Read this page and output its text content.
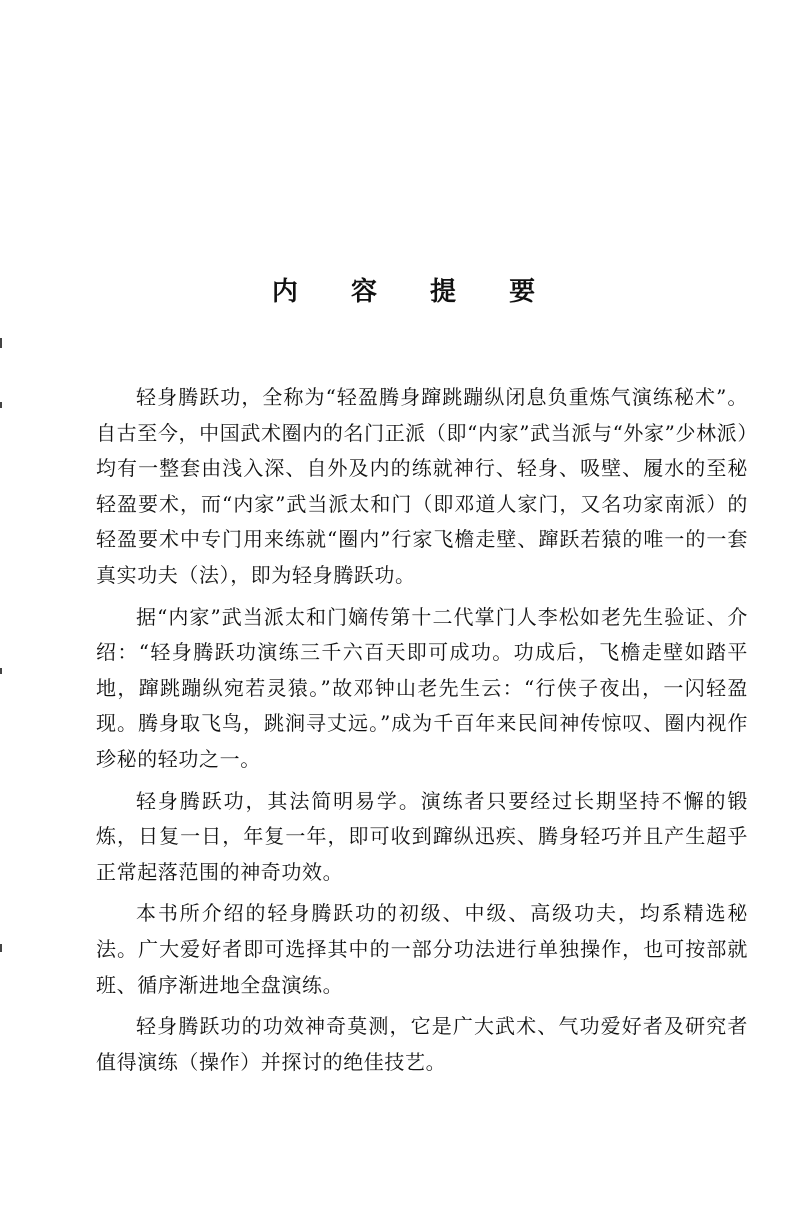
内 容 提 要

轻身腾跃功，全称为“轻盈腾身蹿跳蹦纵闭息负重炼气演练秘术”。自古至今，中国武术圈内的名门正派（即“内家”武当派与“外家”少林派）均有一整套由浅入深、自外及内的练就神行、轻身、吸壁、履水的至秘轻盈要术，而“内家”武当派太和门（即邓道人家门，又名功家南派）的轻盈要术中专门用来练就“圈内”行家飞檐走壁、蹿跃若猿的唯一的一套真实功夫（法），即为轻身腾跃功。

据“内家”武当派太和门嫡传第十二代掌门人李松如老先生验证、介绍：“轻身腾跃功演练三千六百天即可成功。功成后，飞檐走壁如踏平地，蹿跳蹦纵宛若灵猿。”故邓钟山老先生云：“行侠子夜出，一闪轻盈现。腾身取飞鸟，跳涧寻丈远。”成为千百年来民间神传惊叹、圈内视作珍秘的轻功之一。

轻身腾跃功，其法简明易学。演练者只要经过长期坚持不懈的锻炼，日复一日，年复一年，即可收到蹿纵迅疾、腾身轻巧并且产生超乎正常起落范围的神奇功效。

本书所介绍的轻身腾跃功的初级、中级、高级功夫，均系精选秘法。广大爱好者即可选择其中的一部分功法进行单独操作，也可按部就班、循序渐进地全盘演练。

轻身腾跃功的功效神奇莫测，它是广大武术、气功爱好者及研究者值得演练（操作）并探讨的绝佳技艺。
